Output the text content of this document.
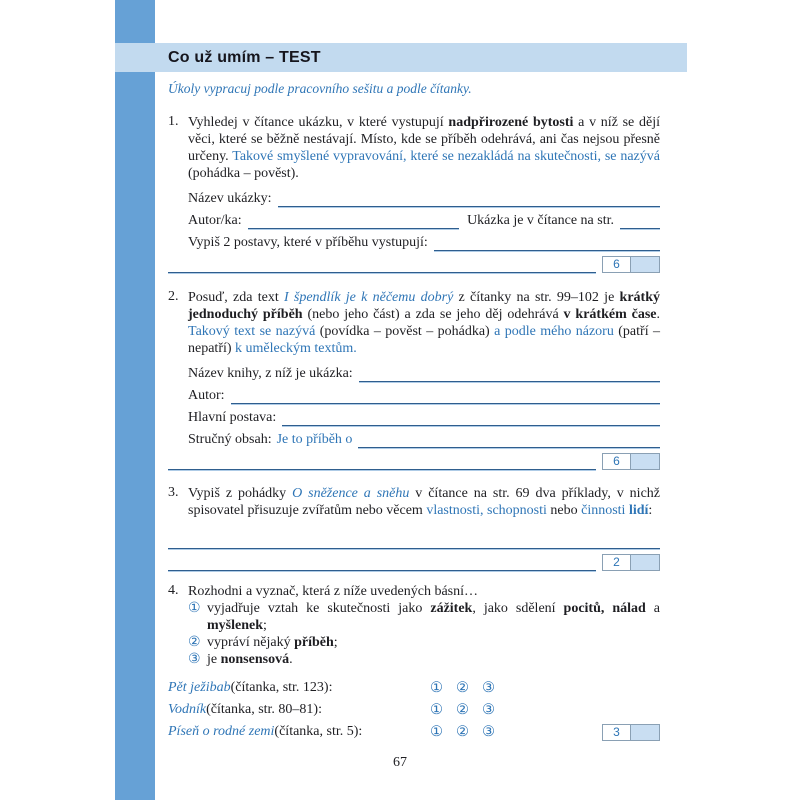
Co už umím – TEST
Úkoly vypracuj podle pracovního sešitu a podle čítanky.
1. Vyhledej v čítance ukázku, v které vystupují nadpřirozené bytosti a v níž se dějí věci, které se běžně nestávají. Místo, kde se příběh odehrává, ani čas nejsou přesně určeny. Takové smyšlené vypravování, které se nezakládá na skutečnosti, se nazývá (pohádka – pověst).
Název ukázky:
Autor/ka:	Ukázka je v čítance na str.
Vypiš 2 postavy, které v příběhu vystupují:
6
2. Posuď, zda text I špendlík je k něčemu dobrý z čítanky na str. 99–102 je krátký jednoduchý příběh (nebo jeho část) a zda se jeho děj odehrává v krátkém čase. Takový text se nazývá (povídka – pověst – pohádka) a podle mého názoru (patří – nepatří) k uměleckým textům.
Název knihy, z níž je ukázka:
Autor:
Hlavní postava:
Stručný obsah: Je to příběh o
6
3. Vypiš z pohádky O sněžence a sněhu v čítance na str. 69 dva příklady, v nichž spisovatel přisuzuje zvířatům nebo věcem vlastnosti, schopnosti nebo činnosti lidí:
2
4. Rozhodni a vyznač, která z níže uvedených básní…
① vyjadřuje vztah ke skutečnosti jako zážitek, jako sdělení pocitů, nálad a myšlenek;
② vypráví nějaký příběh;
③ je nonsensová.
Pět ježibab (čítanka, str. 123):	① ② ③
Vodník (čítanka, str. 80–81):	① ② ③
Píseň o rodné zemi (čítanka, str. 5):	① ② ③	3
67
